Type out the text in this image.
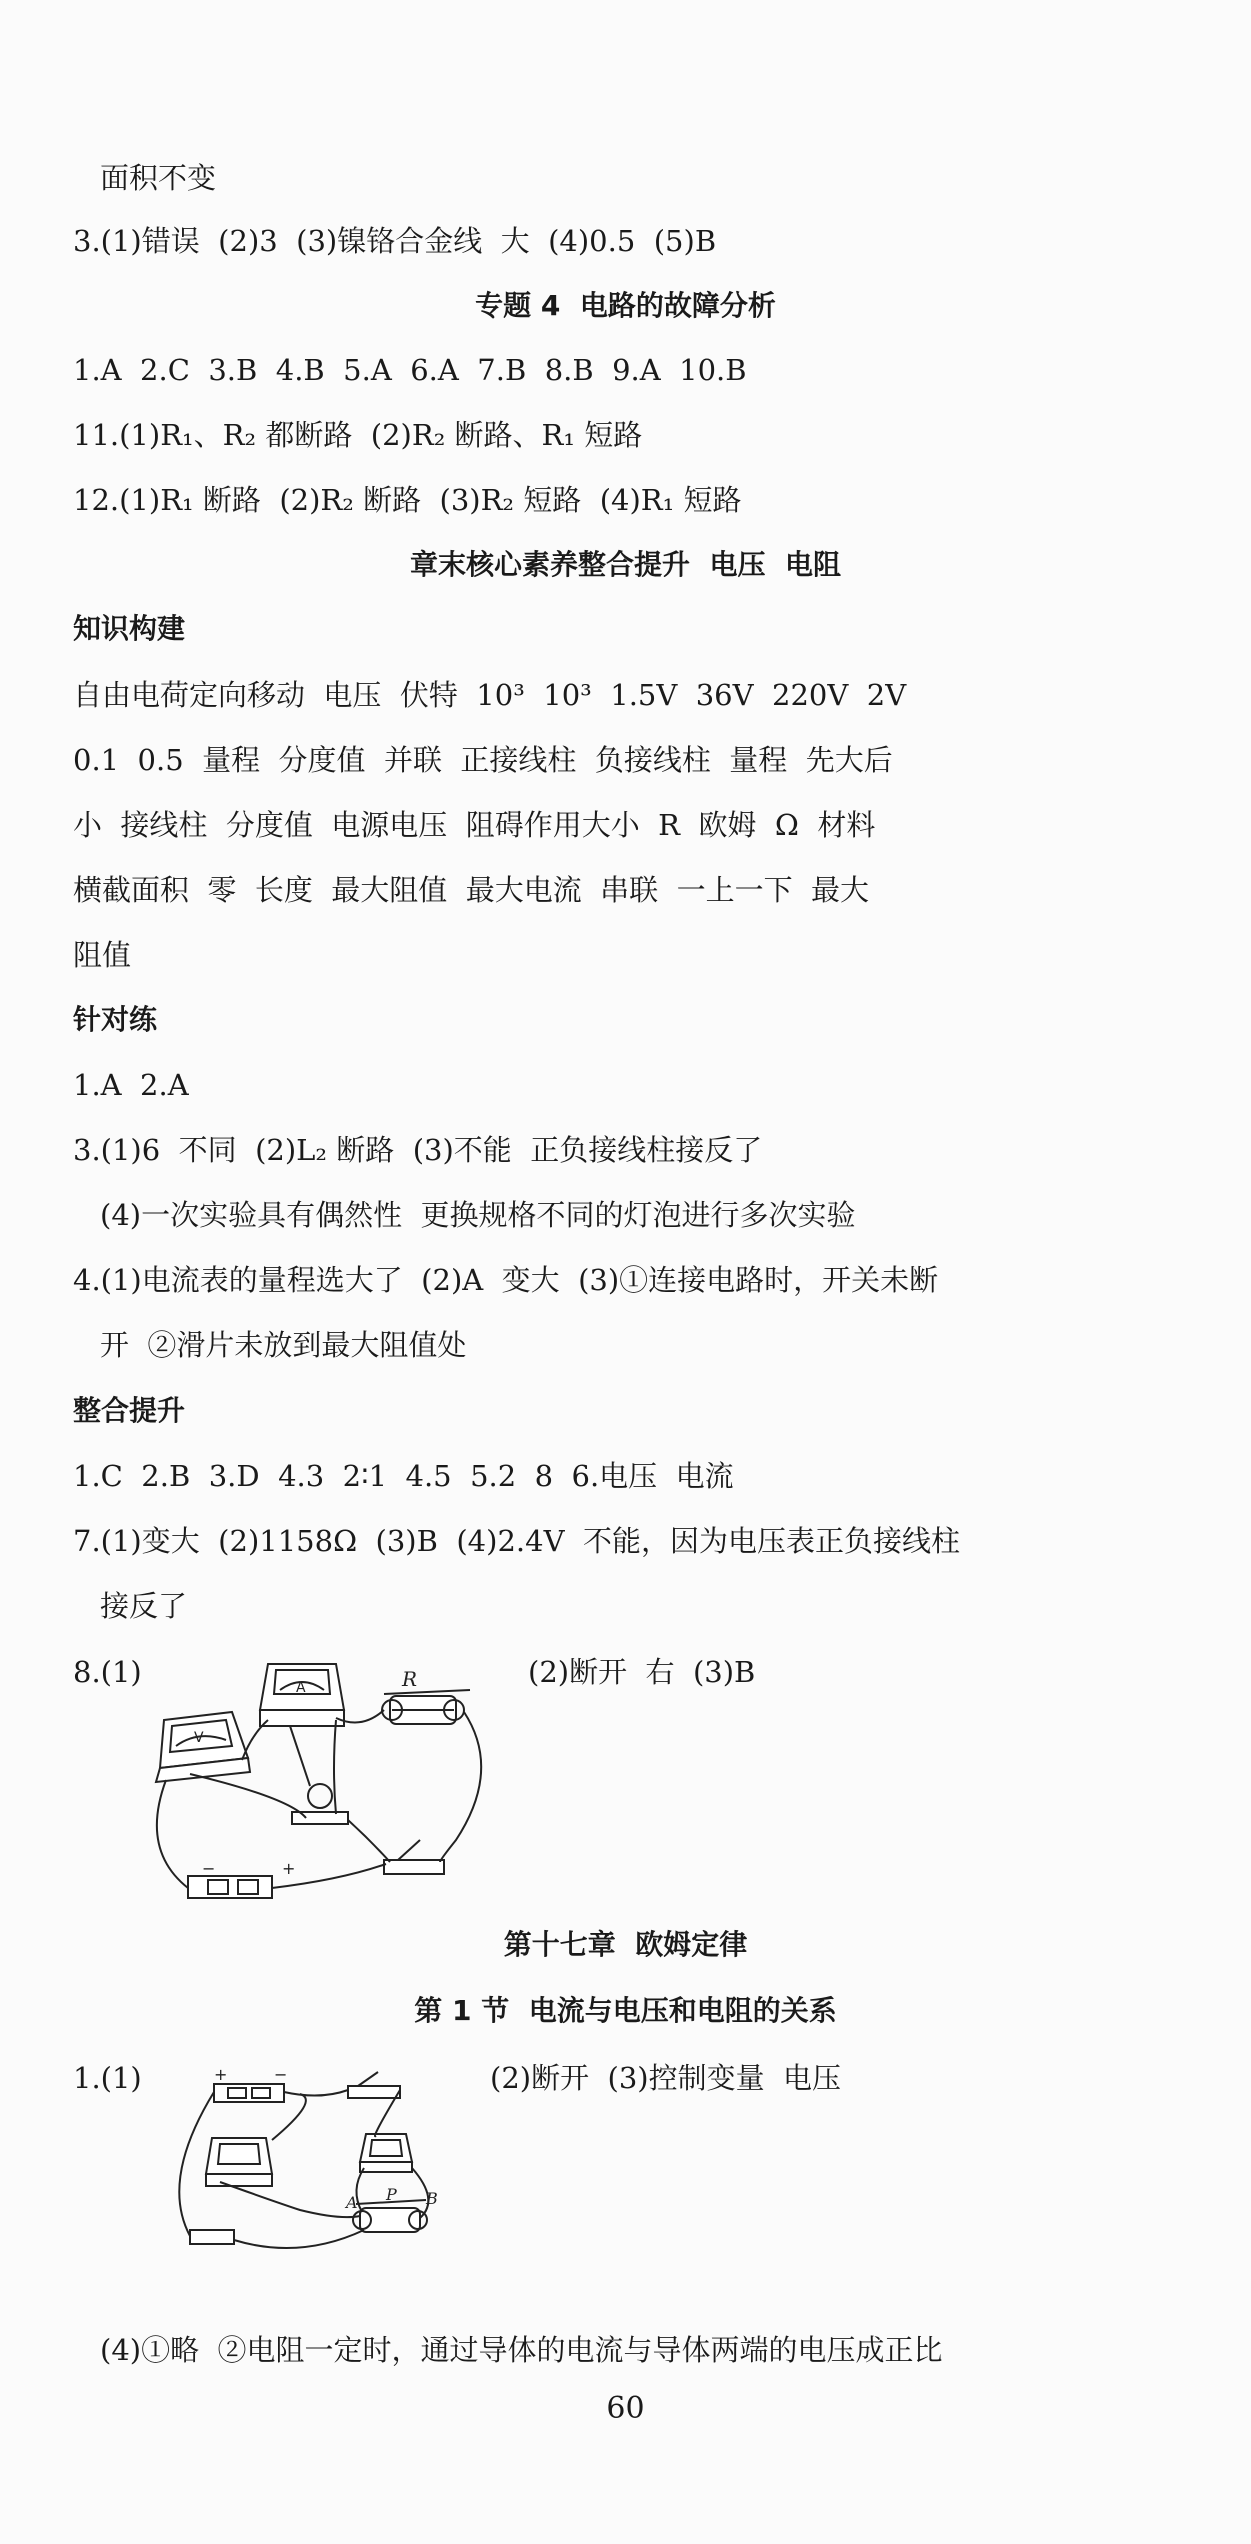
面积不变
3.(1)错误  (2)3  (3)镍铬合金线  大  (4)0.5  (5)B
专题 4  电路的故障分析
1.A  2.C  3.B  4.B  5.A  6.A  7.B  8.B  9.A  10.B
11.(1)R₁、R₂ 都断路  (2)R₂ 断路、R₁ 短路
12.(1)R₁ 断路  (2)R₂ 断路  (3)R₂ 短路  (4)R₁ 短路
章末核心素养整合提升  电压  电阻
知识构建
自由电荷定向移动  电压  伏特  10³  10³  1.5V  36V  220V  2V
0.1  0.5  量程  分度值  并联  正接线柱  负接线柱  量程  先大后
小  接线柱  分度值  电源电压  阻碍作用大小  R  欧姆  Ω  材料
横截面积  零  长度  最大阻值  最大电流  串联  一上一下  最大
阻值
针对练
1.A  2.A
3.(1)6  不同  (2)L₂ 断路  (3)不能  正负接线柱接反了
(4)一次实验具有偶然性  更换规格不同的灯泡进行多次实验
4.(1)电流表的量程选大了  (2)A  变大  (3)①连接电路时，开关未断
开  ②滑片未放到最大阻值处
整合提升
1.C  2.B  3.D  4.3  2∶1  4.5  5.2  8  6.电压  电流
7.(1)变大  (2)1158Ω  (3)B  (4)2.4V  不能，因为电压表正负接线柱
接反了
8.(1)	(2)断开  右  (3)B
A
V
R
−	+
第十七章  欧姆定律
第 1 节  电流与电压和电阻的关系
1.(1)	(2)断开  (3)控制变量  电压
+	−
P
A	B
(4)①略  ②电阻一定时，通过导体的电流与导体两端的电压成正比
60
